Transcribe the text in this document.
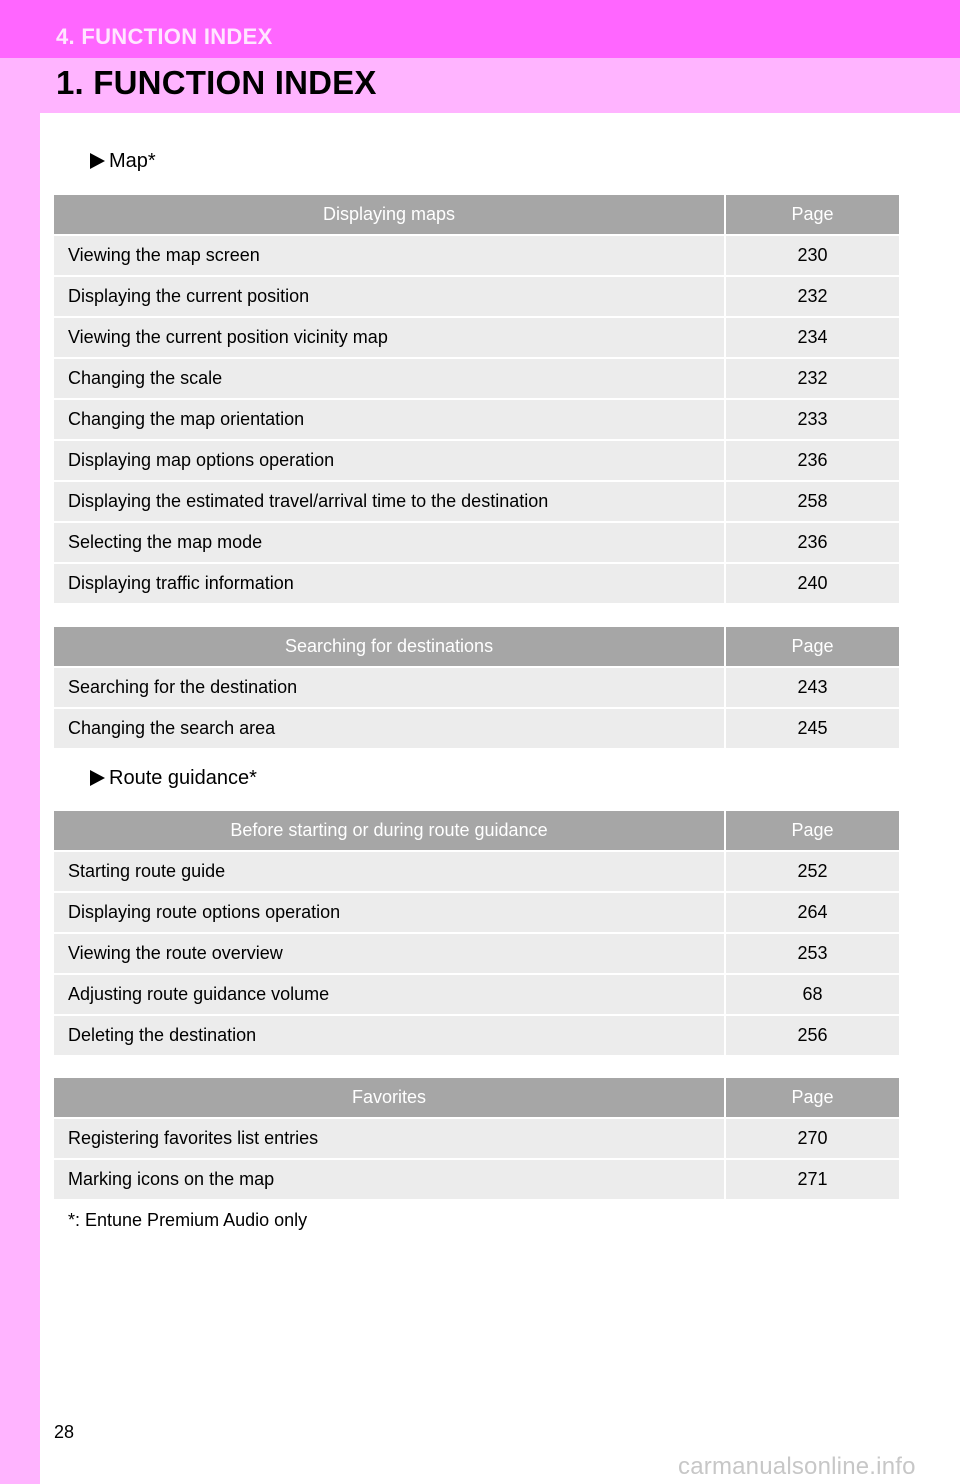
4. FUNCTION INDEX
1. FUNCTION INDEX
Map*
Displaying maps	Page
Viewing the map screen	230
Displaying the current position	232
Viewing the current position vicinity map	234
Changing the scale	232
Changing the map orientation	233
Displaying map options operation	236
Displaying the estimated travel/arrival time to the destination	258
Selecting the map mode	236
Displaying traffic information	240
Searching for destinations	Page
Searching for the destination	243
Changing the search area	245
Route guidance*
Before starting or during route guidance	Page
Starting route guide	252
Displaying route options operation	264
Viewing the route overview	253
Adjusting route guidance volume	68
Deleting the destination	256
Favorites	Page
Registering favorites list entries	270
Marking icons on the map	271
*: Entune Premium Audio only
28
carmanualsonline.info
